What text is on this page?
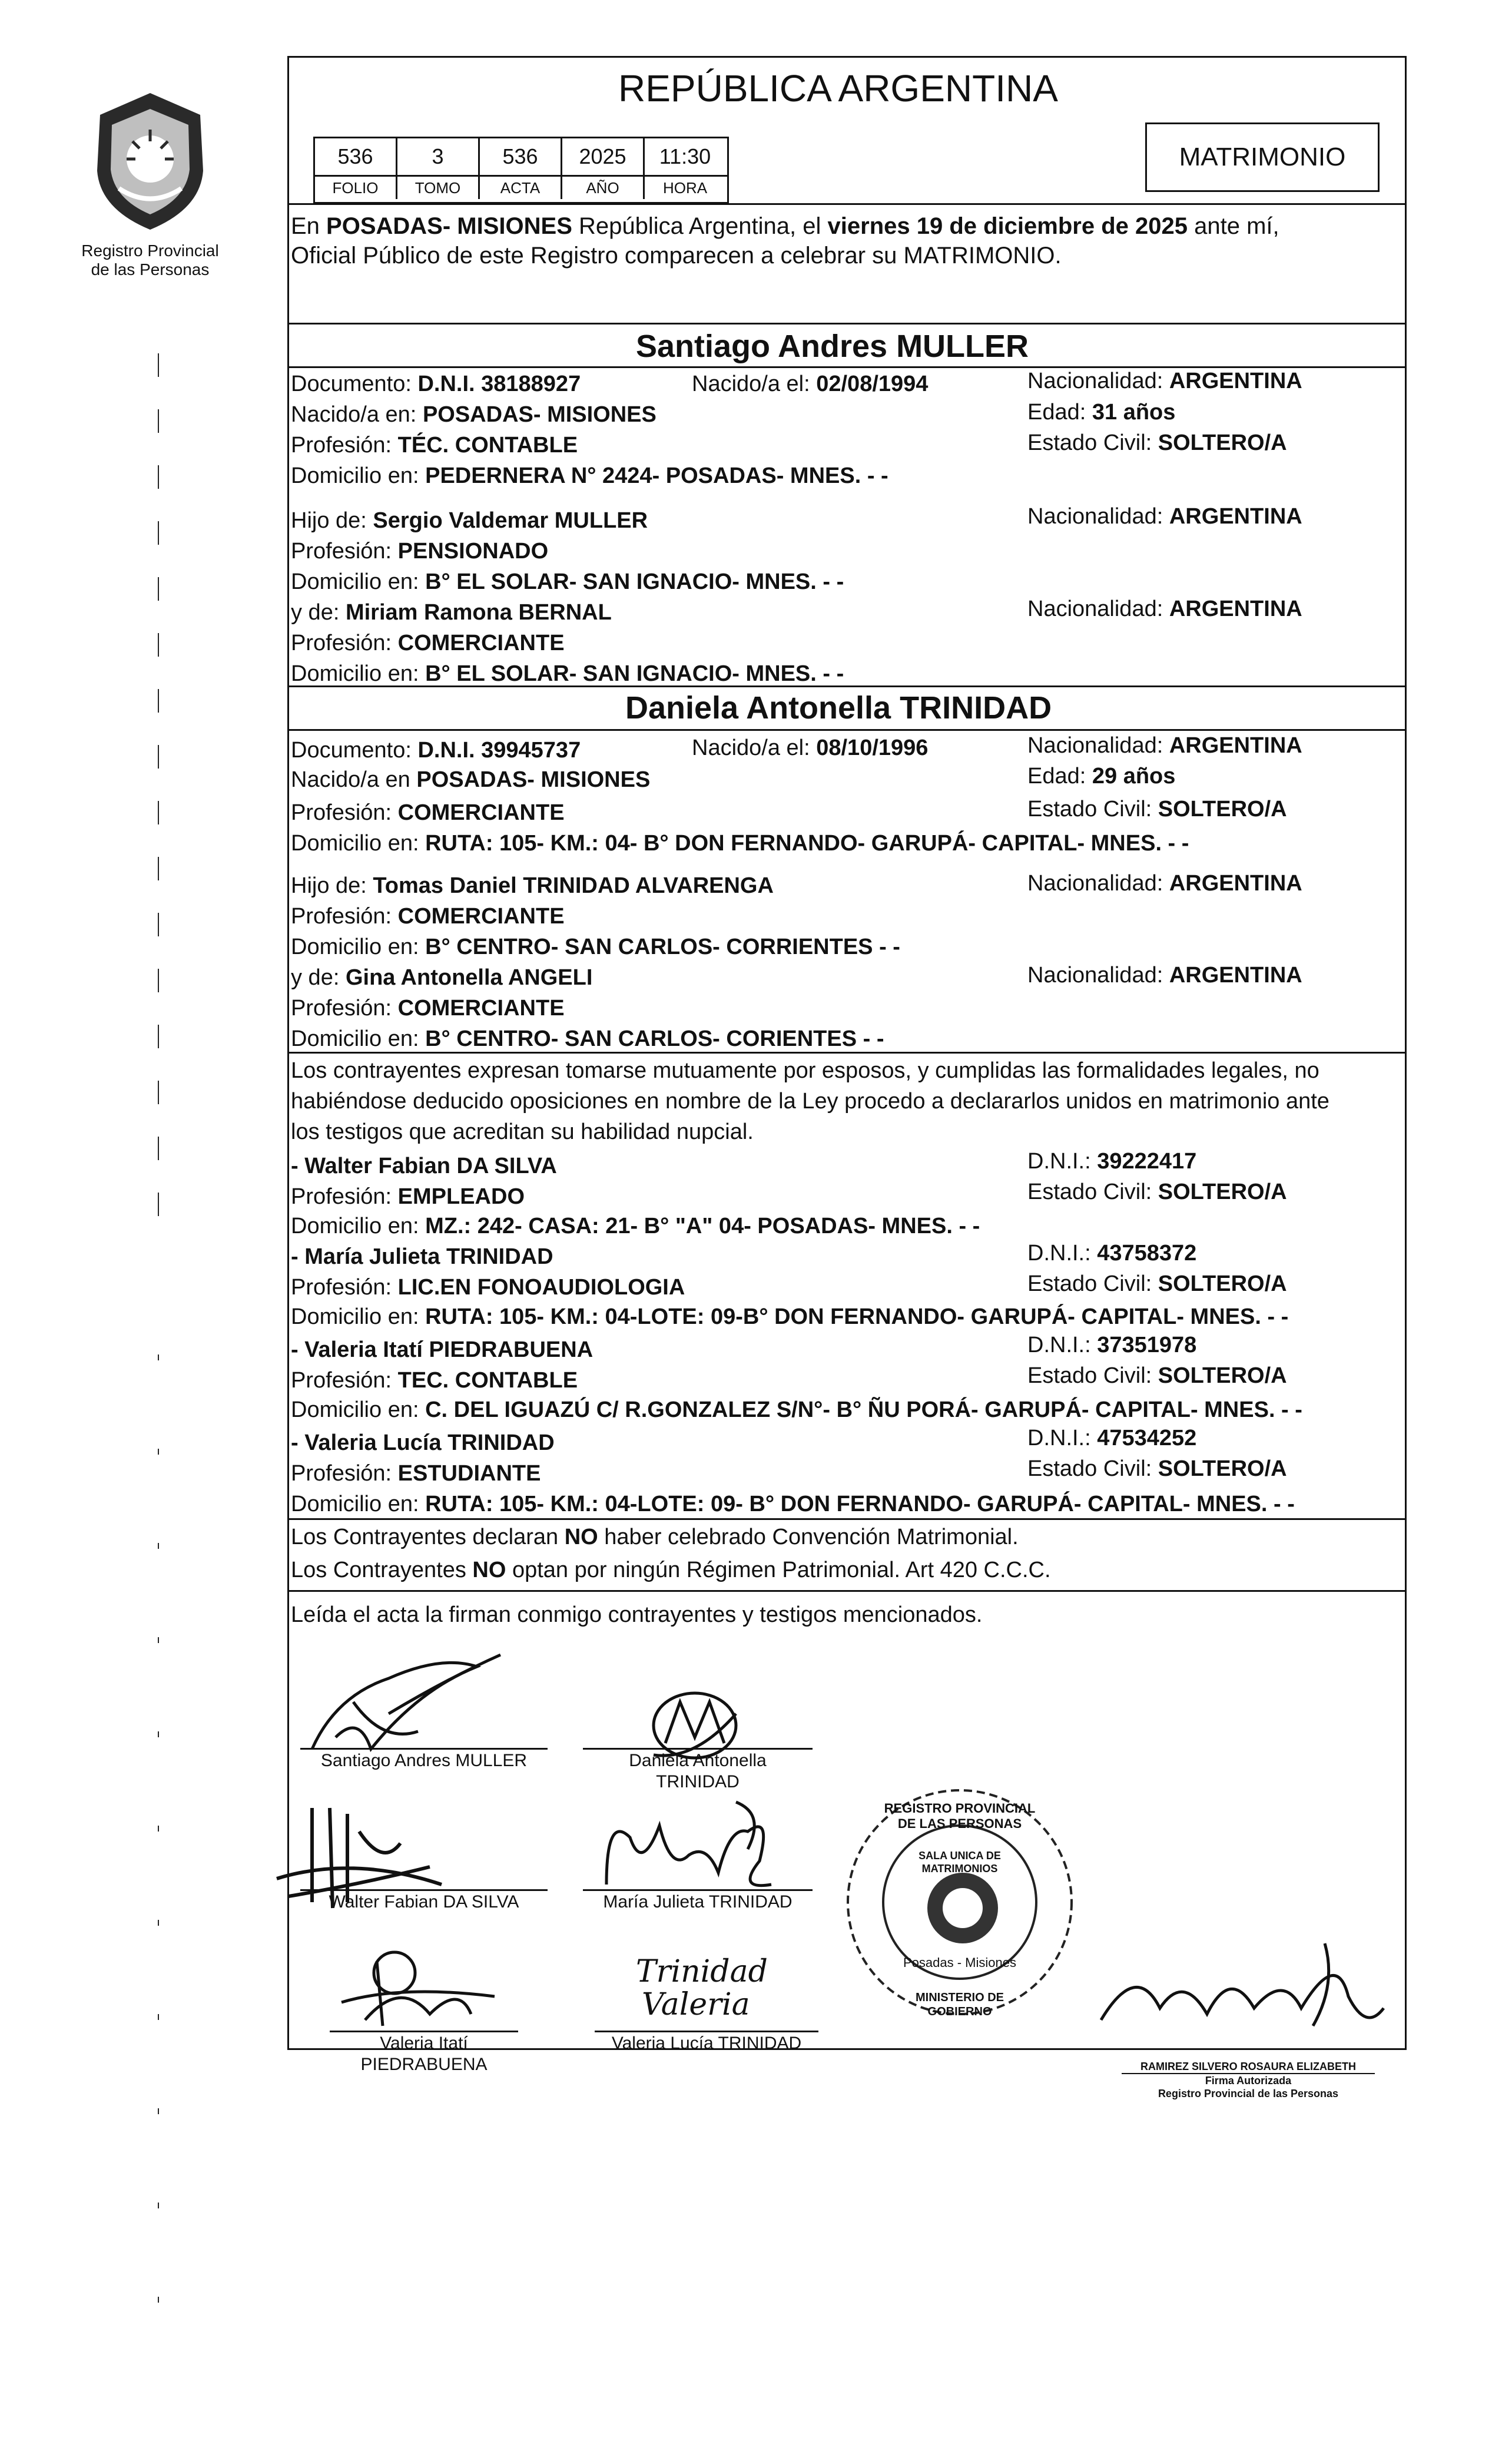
Registro Provincial
de las Personas
REPÚBLICA ARGENTINA
536	3	536	2025	11:30
FOLIO	TOMO	ACTA	AÑO	HORA
MATRIMONIO
En POSADAS- MISIONES República Argentina, el viernes 19 de diciembre de 2025 ante mí,
Oficial Público de este Registro comparecen a celebrar su MATRIMONIO.
Santiago Andres MULLER
Documento: D.N.I. 38188927	Nacido/a el: 02/08/1994	Nacionalidad: ARGENTINA
Nacido/a en: POSADAS- MISIONES	Edad: 31 años
Profesión: TÉC. CONTABLE	Estado Civil: SOLTERO/A
Domicilio en: PEDERNERA N° 2424- POSADAS- MNES. - -
Hijo de: Sergio Valdemar MULLER	Nacionalidad: ARGENTINA
Profesión: PENSIONADO
Domicilio en: B° EL SOLAR- SAN IGNACIO- MNES. - -
y de: Miriam Ramona BERNAL	Nacionalidad: ARGENTINA
Profesión: COMERCIANTE
Domicilio en: B° EL SOLAR- SAN IGNACIO- MNES. - -
Daniela Antonella TRINIDAD
Documento: D.N.I. 39945737	Nacido/a el: 08/10/1996	Nacionalidad: ARGENTINA
Nacido/a en POSADAS- MISIONES	Edad: 29 años
Profesión: COMERCIANTE	Estado Civil: SOLTERO/A
Domicilio en: RUTA: 105- KM.: 04- B° DON FERNANDO- GARUPÁ- CAPITAL- MNES. - -
Hijo de: Tomas Daniel TRINIDAD ALVARENGA	Nacionalidad: ARGENTINA
Profesión: COMERCIANTE
Domicilio en: B° CENTRO- SAN CARLOS- CORRIENTES - -
y de: Gina Antonella ANGELI	Nacionalidad: ARGENTINA
Profesión: COMERCIANTE
Domicilio en: B° CENTRO- SAN CARLOS- CORIENTES - -
Los contrayentes expresan tomarse mutuamente por esposos, y cumplidas las formalidades legales, no
habiéndose deducido oposiciones en nombre de la Ley procedo a declararlos unidos en matrimonio ante
los testigos que acreditan su habilidad nupcial.
- Walter Fabian DA SILVA	D.N.I.: 39222417
Profesión: EMPLEADO	Estado Civil: SOLTERO/A
Domicilio en: MZ.: 242- CASA: 21- B° "A" 04- POSADAS- MNES. - -
- María Julieta TRINIDAD	D.N.I.: 43758372
Profesión: LIC.EN FONOAUDIOLOGIA	Estado Civil: SOLTERO/A
Domicilio en: RUTA: 105- KM.: 04-LOTE: 09-B° DON FERNANDO- GARUPÁ- CAPITAL- MNES. - -
- Valeria Itatí PIEDRABUENA	D.N.I.: 37351978
Profesión: TEC. CONTABLE	Estado Civil: SOLTERO/A
Domicilio en: C. DEL IGUAZÚ C/ R.GONZALEZ S/N°- B° ÑU PORÁ- GARUPÁ- CAPITAL- MNES. - -
- Valeria Lucía TRINIDAD	D.N.I.: 47534252
Profesión: ESTUDIANTE	Estado Civil: SOLTERO/A
Domicilio en: RUTA: 105- KM.: 04-LOTE: 09- B° DON FERNANDO- GARUPÁ- CAPITAL- MNES. - -
Los Contrayentes declaran NO haber celebrado Convención Matrimonial.
Los Contrayentes NO optan por ningún Régimen Patrimonial. Art 420 C.C.C.
Leída el acta la firman conmigo contrayentes y testigos mencionados.
Santiago Andres MULLER	Daniela Antonella
TRINIDAD
Walter Fabian DA SILVA	María Julieta TRINIDAD
Valeria Itatí
PIEDRABUENA
Trinidad
Valeria
Valeria Lucía TRINIDAD
REGISTRO PROVINCIAL DE LAS PERSONAS
SALA UNICA DE MATRIMONIOS
Posadas - Misiones
MINISTERIO DE GOBIERNO
RAMIREZ SILVERO ROSAURA ELIZABETH
Firma Autorizada
Registro Provincial de las Personas
